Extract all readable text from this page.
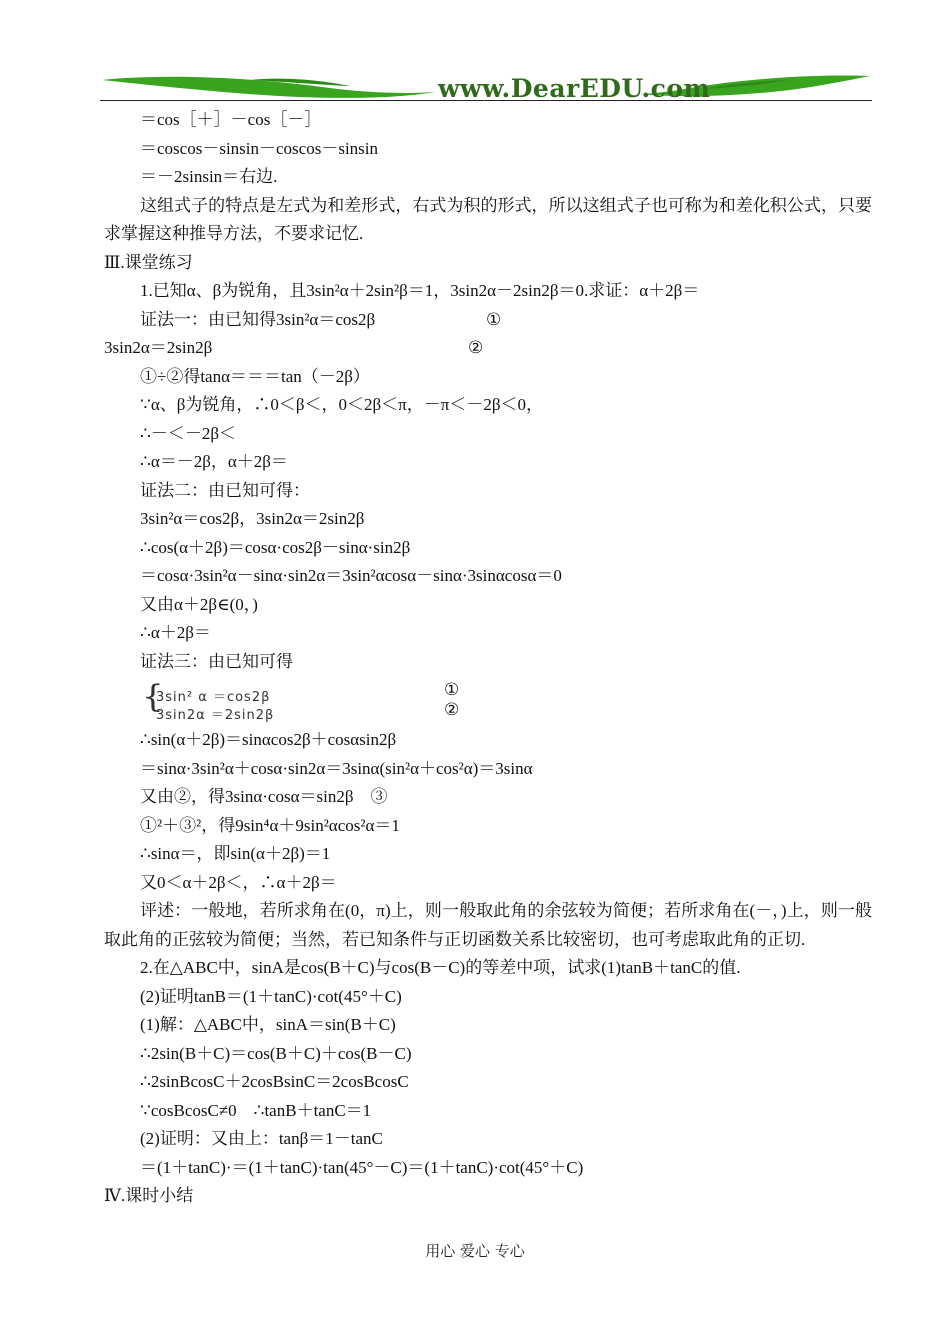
www.DearEDU.com
＝cos［＋］－cos［－］
＝coscos－sinsin－coscos－sinsin
＝－2sinsin＝右边.
这组式子的特点是左式为和差形式，右式为积的形式，所以这组式子也可称为和差化积公式，只要求掌握这种推导方法，不要求记忆.
Ⅲ.课堂练习
1.已知α、β为锐角，且3sin²α＋2sin²β＝1，3sin2α－2sin2β＝0.求证：α＋2β＝
证法一：由已知得3sin²α＝cos2β	①
3sin2α＝2sin2β	②
①÷②得tanα＝＝＝tan（－2β）
∵α、β为锐角，∴0＜β＜，0＜2β＜π，－π＜－2β＜0，
∴－＜－2β＜
∴α＝－2β，α＋2β＝
证法二：由已知可得：
3sin²α＝cos2β，3sin2α＝2sin2β
∴cos(α＋2β)＝cosα·cos2β－sinα·sin2β
＝cosα·3sin²α－sinα·sin2α＝3sin²αcosα－sinα·3sinαcosα＝0
又由α＋2β∈(0，)
∴α＋2β＝
证法三：由已知可得
{
3sin² α ＝cos2β
3sin2α ＝2sin2β
①
②
∴sin(α＋2β)＝sinαcos2β＋cosαsin2β
＝sinα·3sin²α＋cosα·sin2α＝3sinα(sin²α＋cos²α)＝3sinα
又由②，得3sinα·cosα＝sin2β　③
①²＋③²，得9sin⁴α＋9sin²αcos²α＝1
∴sinα＝，即sin(α＋2β)＝1
又0＜α＋2β＜，∴α＋2β＝
评述：一般地，若所求角在(0，π)上，则一般取此角的余弦较为简便；若所求角在(－，)上，则一般取此角的正弦较为简便；当然，若已知条件与正切函数关系比较密切，也可考虑取此角的正切.
2.在△ABC中，sinA是cos(B＋C)与cos(B－C)的等差中项，试求(1)tanB＋tanC的值.
(2)证明tanB＝(1＋tanC)·cot(45°＋C)
(1)解：△ABC中，sinA＝sin(B＋C)
∴2sin(B＋C)＝cos(B＋C)＋cos(B－C)
∴2sinBcosC＋2cosBsinC＝2cosBcosC
∵cosBcosC≠0　∴tanB＋tanC＝1
(2)证明：又由上：tanβ＝1－tanC
＝(1＋tanC)·＝(1＋tanC)·tan(45°－C)＝(1＋tanC)·cot(45°＋C)
Ⅳ.课时小结
用心 爱心 专心
